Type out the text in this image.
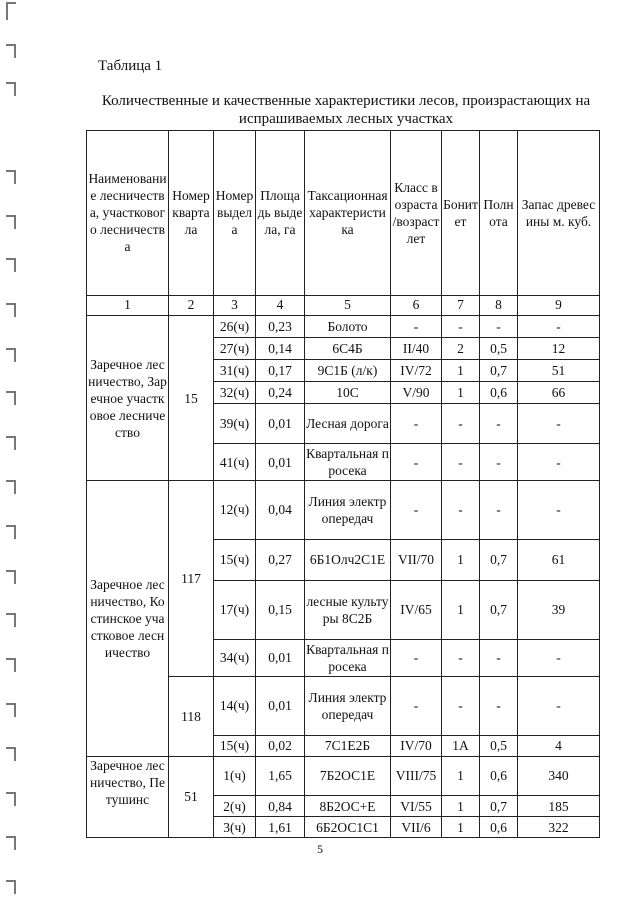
Таблица 1
Количественные и качественные характеристики лесов, произрастающих на испрашиваемых лесных участках
Наименование лесничества, участкового лесничества	Номер квартала	Номер выдела	Площадь выдела, га	Таксационная характеристика	Класс возраста /возраст лет	Бонитет	Полнота	Запас древесины м. куб.
1	2	3	4	5	6	7	8	9
Заречное лесничество, Заречное участковое лесничество	15	26(ч)	0,23	Болото	-	-	-	-
		27(ч)	0,14	6С4Б	II/40	2	0,5	12
		31(ч)	0,17	9С1Б (л/к)	IV/72	1	0,7	51
		32(ч)	0,24	10С	V/90	1	0,6	66
		39(ч)	0,01	Лесная дорога	-	-	-	-
		41(ч)	0,01	Квартальная просека	-	-	-	-
Заречное лесничество, Костинское участковое лесничество	117	12(ч)	0,04	Линия электропередач	-	-	-	-
		15(ч)	0,27	6Б1Олч2С1Е	VII/70	1	0,7	61
		17(ч)	0,15	лесные культуры 8С2Б	IV/65	1	0,7	39
		34(ч)	0,01	Квартальная просека	-	-	-	-
	118	14(ч)	0,01	Линия электропередач	-	-	-	-
		15(ч)	0,02	7С1Е2Б	IV/70	1А	0,5	4
Заречное лесничество, Петушинс	51	1(ч)	1,65	7Б2ОС1Е	VIII/75	1	0,6	340
		2(ч)	0,84	8Б2ОС+Е	VI/55	1	0,7	185
		3(ч)	1,61	6Б2ОС1С1	VII/6	1	0,6	322
5
